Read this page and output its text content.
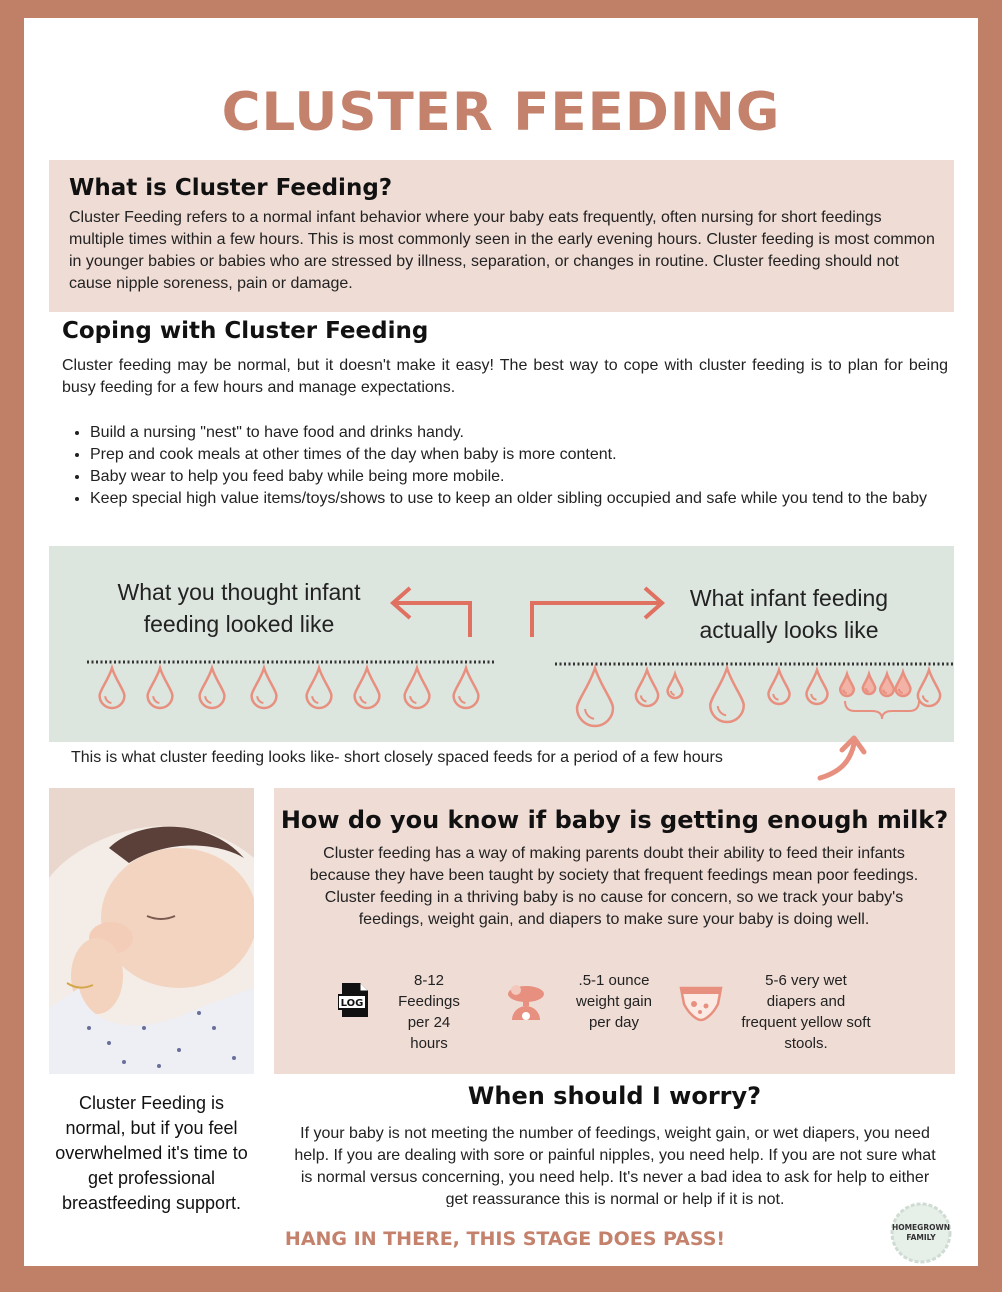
CLUSTER FEEDING
What is Cluster Feeding?

Cluster Feeding refers to a normal infant behavior where your baby eats frequently, often nursing for short feedings multiple times within a few hours. This is most commonly seen in the early evening hours. Cluster feeding is most common in younger babies or babies who are stressed by illness, separation, or changes in routine. Cluster feeding should not cause nipple soreness, pain or damage.

Coping with Cluster Feeding

Cluster feeding may be normal, but it doesn't make it easy! The best way to cope with cluster feeding is to plan for being busy feeding for a few hours and manage expectations.

• Build a nursing "nest" to have food and drinks handy.
• Prep and cook meals at other times of the day when baby is more content.
• Baby wear to help you feed baby while being more mobile.
• Keep special high value items/toys/shows to use to keep an older sibling occupied and safe while you tend to the baby
What you thought infant feeding looked like
What infant feeding actually looks like

This is what cluster feeding looks like- short closely spaced feeds for a period of a few hours

Cluster Feeding is normal, but if you feel overwhelmed it's time to get professional breastfeeding support.

How do you know if baby is getting enough milk?

Cluster feeding has a way of making parents doubt their ability to feed their infants because they have been taught by society that frequent feedings mean poor feedings. Cluster feeding in a thriving baby is no cause for concern, so we track your baby's feedings, weight gain, and diapers to make sure your baby is doing well.

LOG
8-12
Feedings
per 24
hours
.5-1 ounce
weight gain
per day
5-6 very wet
diapers and
frequent yellow soft
stools.
When should I worry?

If your baby is not meeting the number of feedings, weight gain, or wet diapers, you need help. If you are dealing with sore or painful nipples, you need help. If you are not sure what is normal versus concerning, you need help. It's never a bad idea to ask for help to either get reassurance this is normal or help if it is not.

HANG IN THERE, THIS STAGE DOES PASS!

HOMEGROWN
FAMILY
